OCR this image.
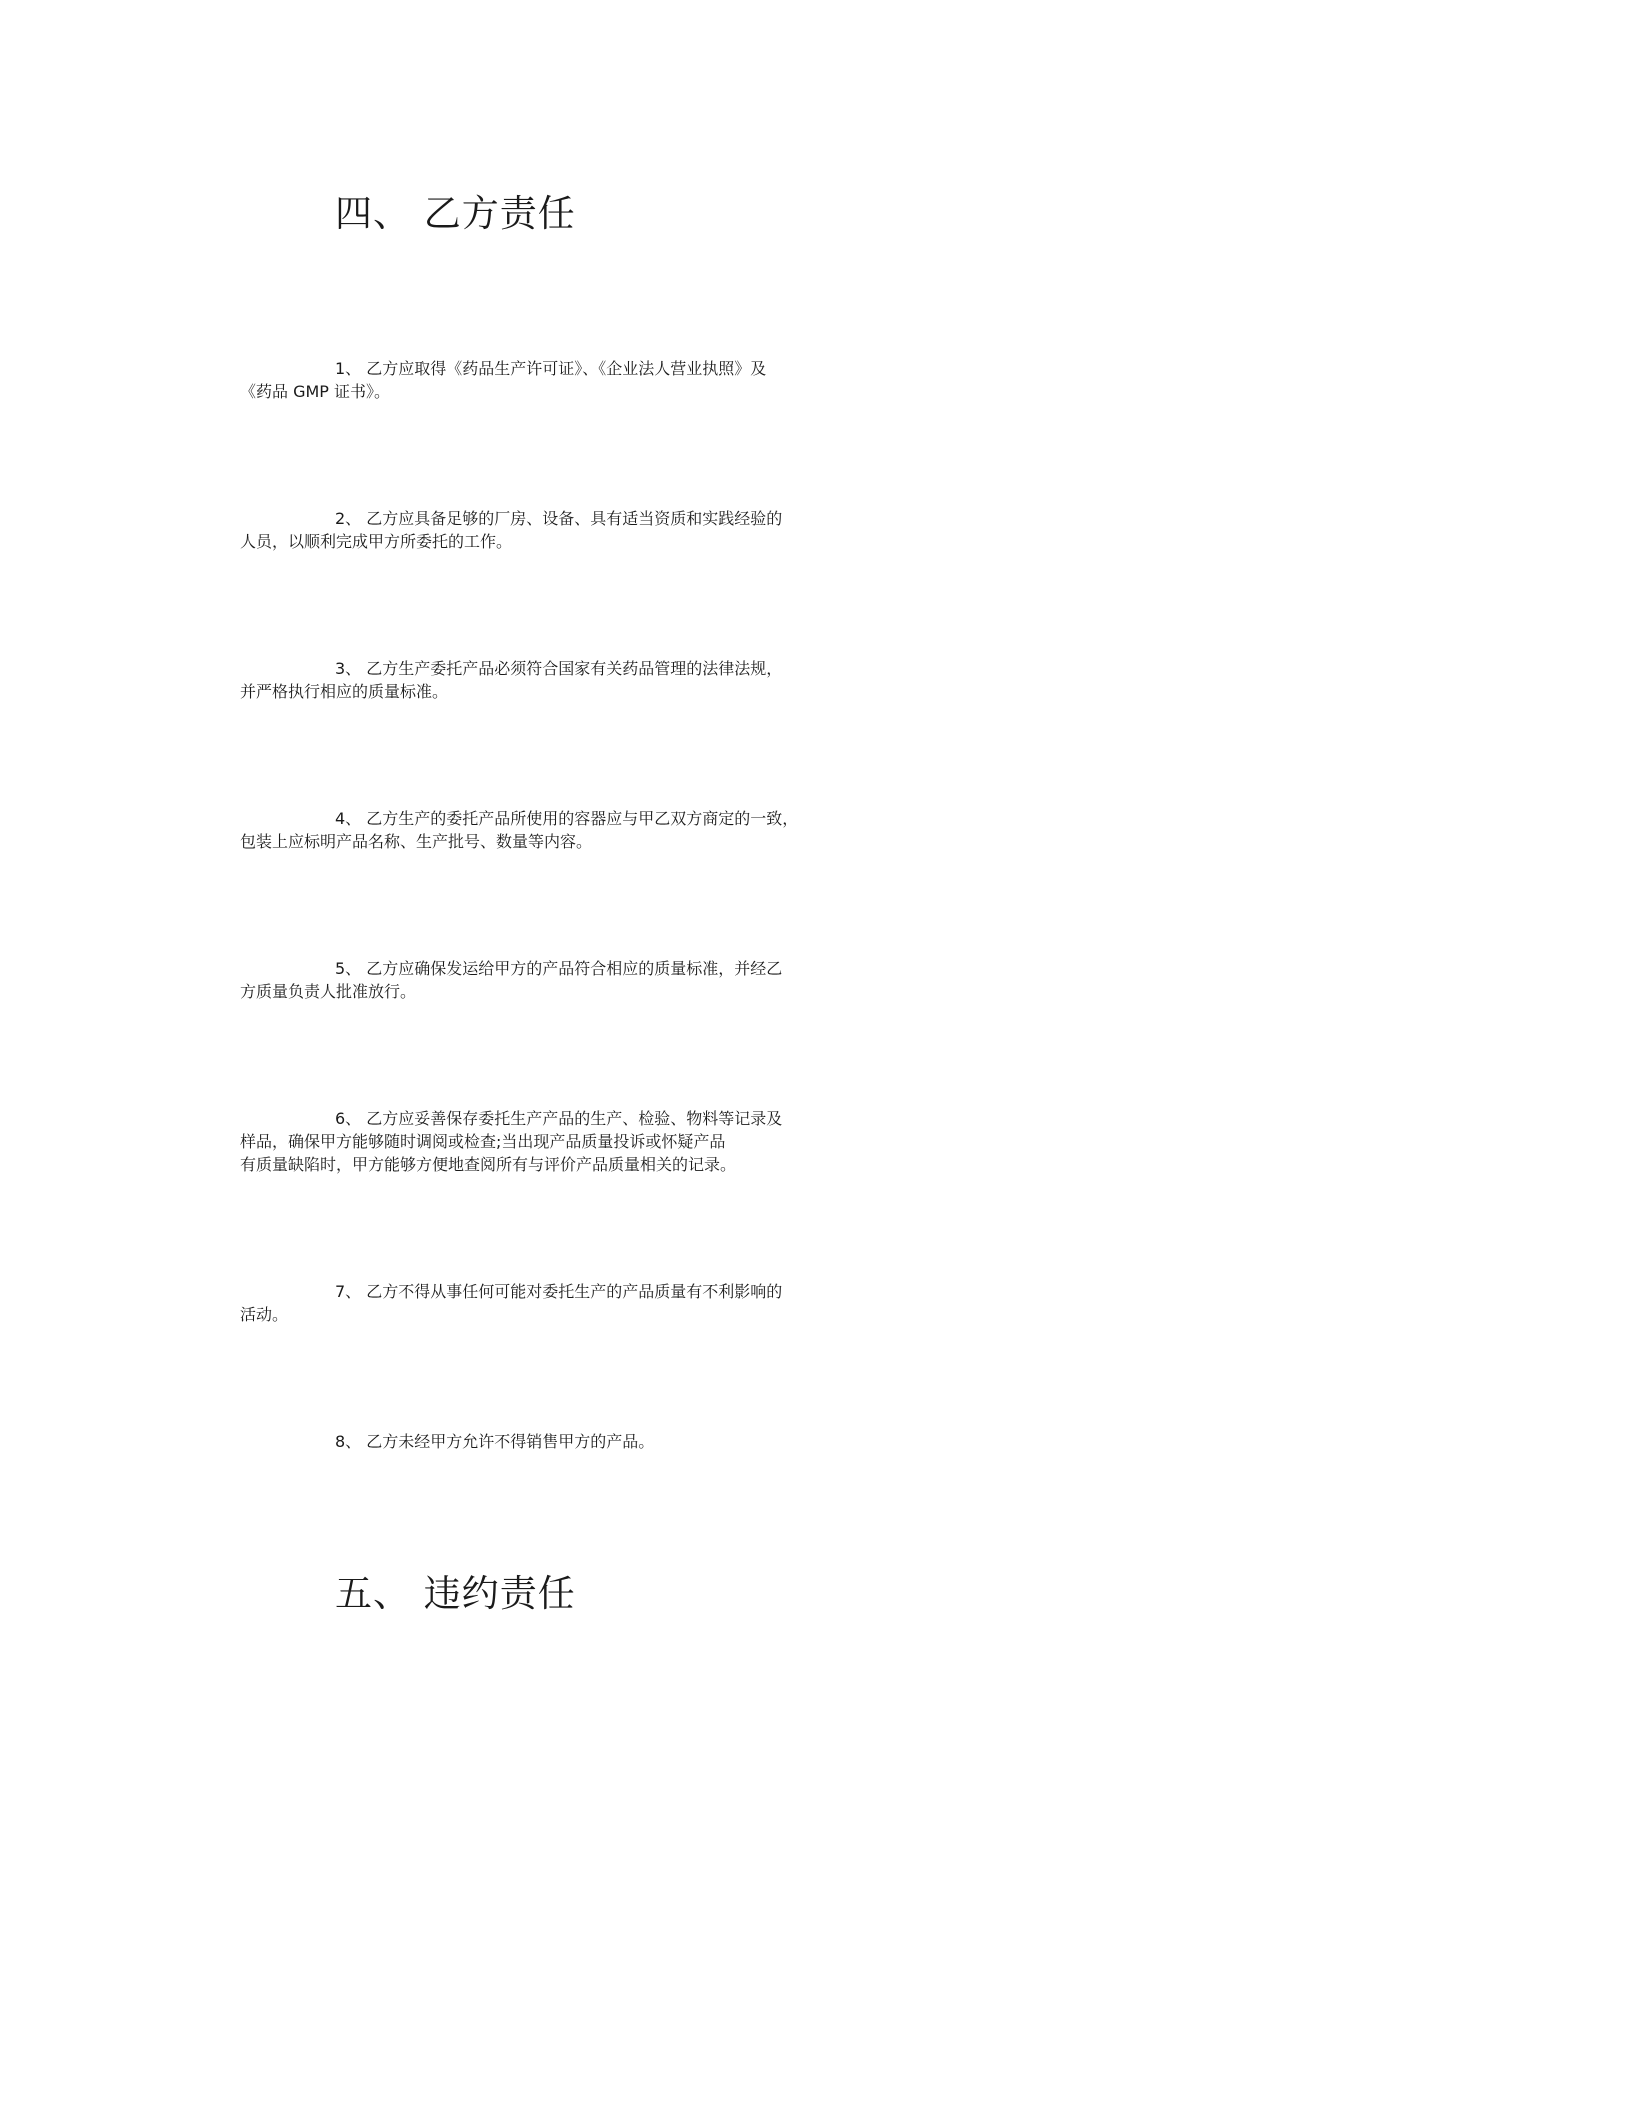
四、 乙方责任

1、 乙方应取得《药品生产许可证》、《企业法人营业执照》及
《药品 GMP 证书》。
2、 乙方应具备足够的厂房、设备、具有适当资质和实践经验的
人员，以顺利完成甲方所委托的工作。
3、 乙方生产委托产品必须符合国家有关药品管理的法律法规，
并严格执行相应的质量标准。
4、 乙方生产的委托产品所使用的容器应与甲乙双方商定的一致，
包装上应标明产品名称、生产批号、数量等内容。
5、 乙方应确保发运给甲方的产品符合相应的质量标准，并经乙
方质量负责人批准放行。
6、 乙方应妥善保存委托生产产品的生产、检验、物料等记录及
样品，确保甲方能够随时调阅或检查;当出现产品质量投诉或怀疑产品
有质量缺陷时，甲方能够方便地查阅所有与评价产品质量相关的记录。
7、 乙方不得从事任何可能对委托生产的产品质量有不利影响的
活动。
8、 乙方未经甲方允许不得销售甲方的产品。

五、 违约责任
